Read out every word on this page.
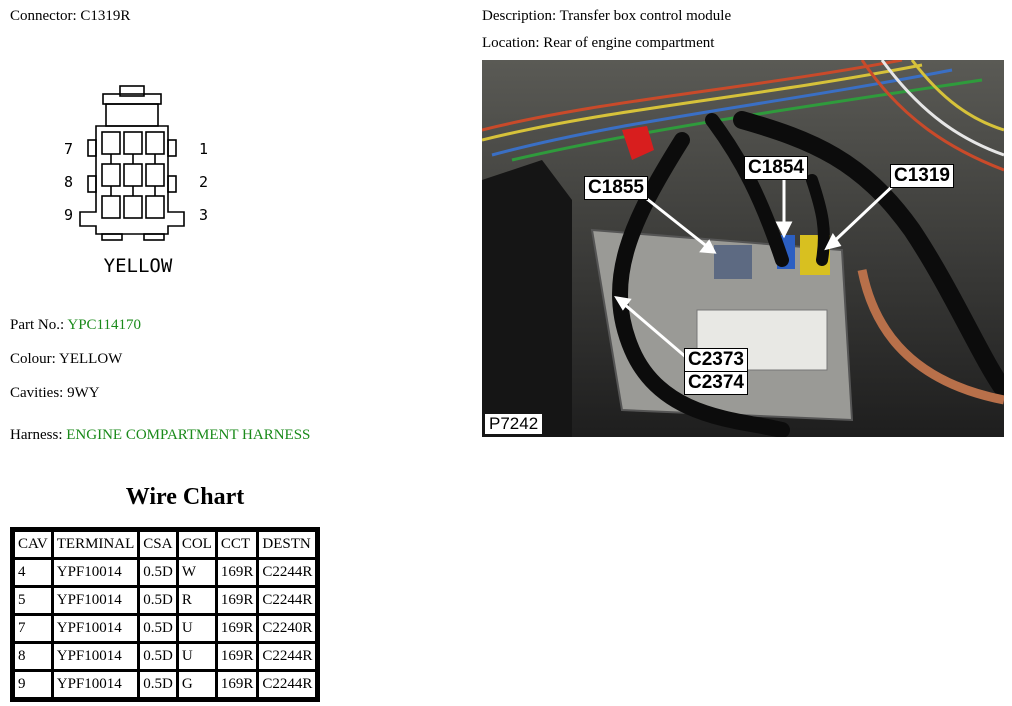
Connector: C1319R	Description: Transfer box control module
Location: Rear of engine compartment
7
8
9
1
2
3
YELLOW
Part No.: YPC114170
Colour: YELLOW
Cavities: 9WY
Harness: ENGINE COMPARTMENT HARNESS
Wire Chart
CAV	TERMINAL	CSA	COL	CCT	DESTN
4	YPF10014	0.5D	W	169R	C2244R
5	YPF10014	0.5D	R	169R	C2244R
7	YPF10014	0.5D	U	169R	C2240R
8	YPF10014	0.5D	U	169R	C2244R
9	YPF10014	0.5D	G	169R	C2244R
C1855
C1854	C1319
C2373
C2374
P7242
